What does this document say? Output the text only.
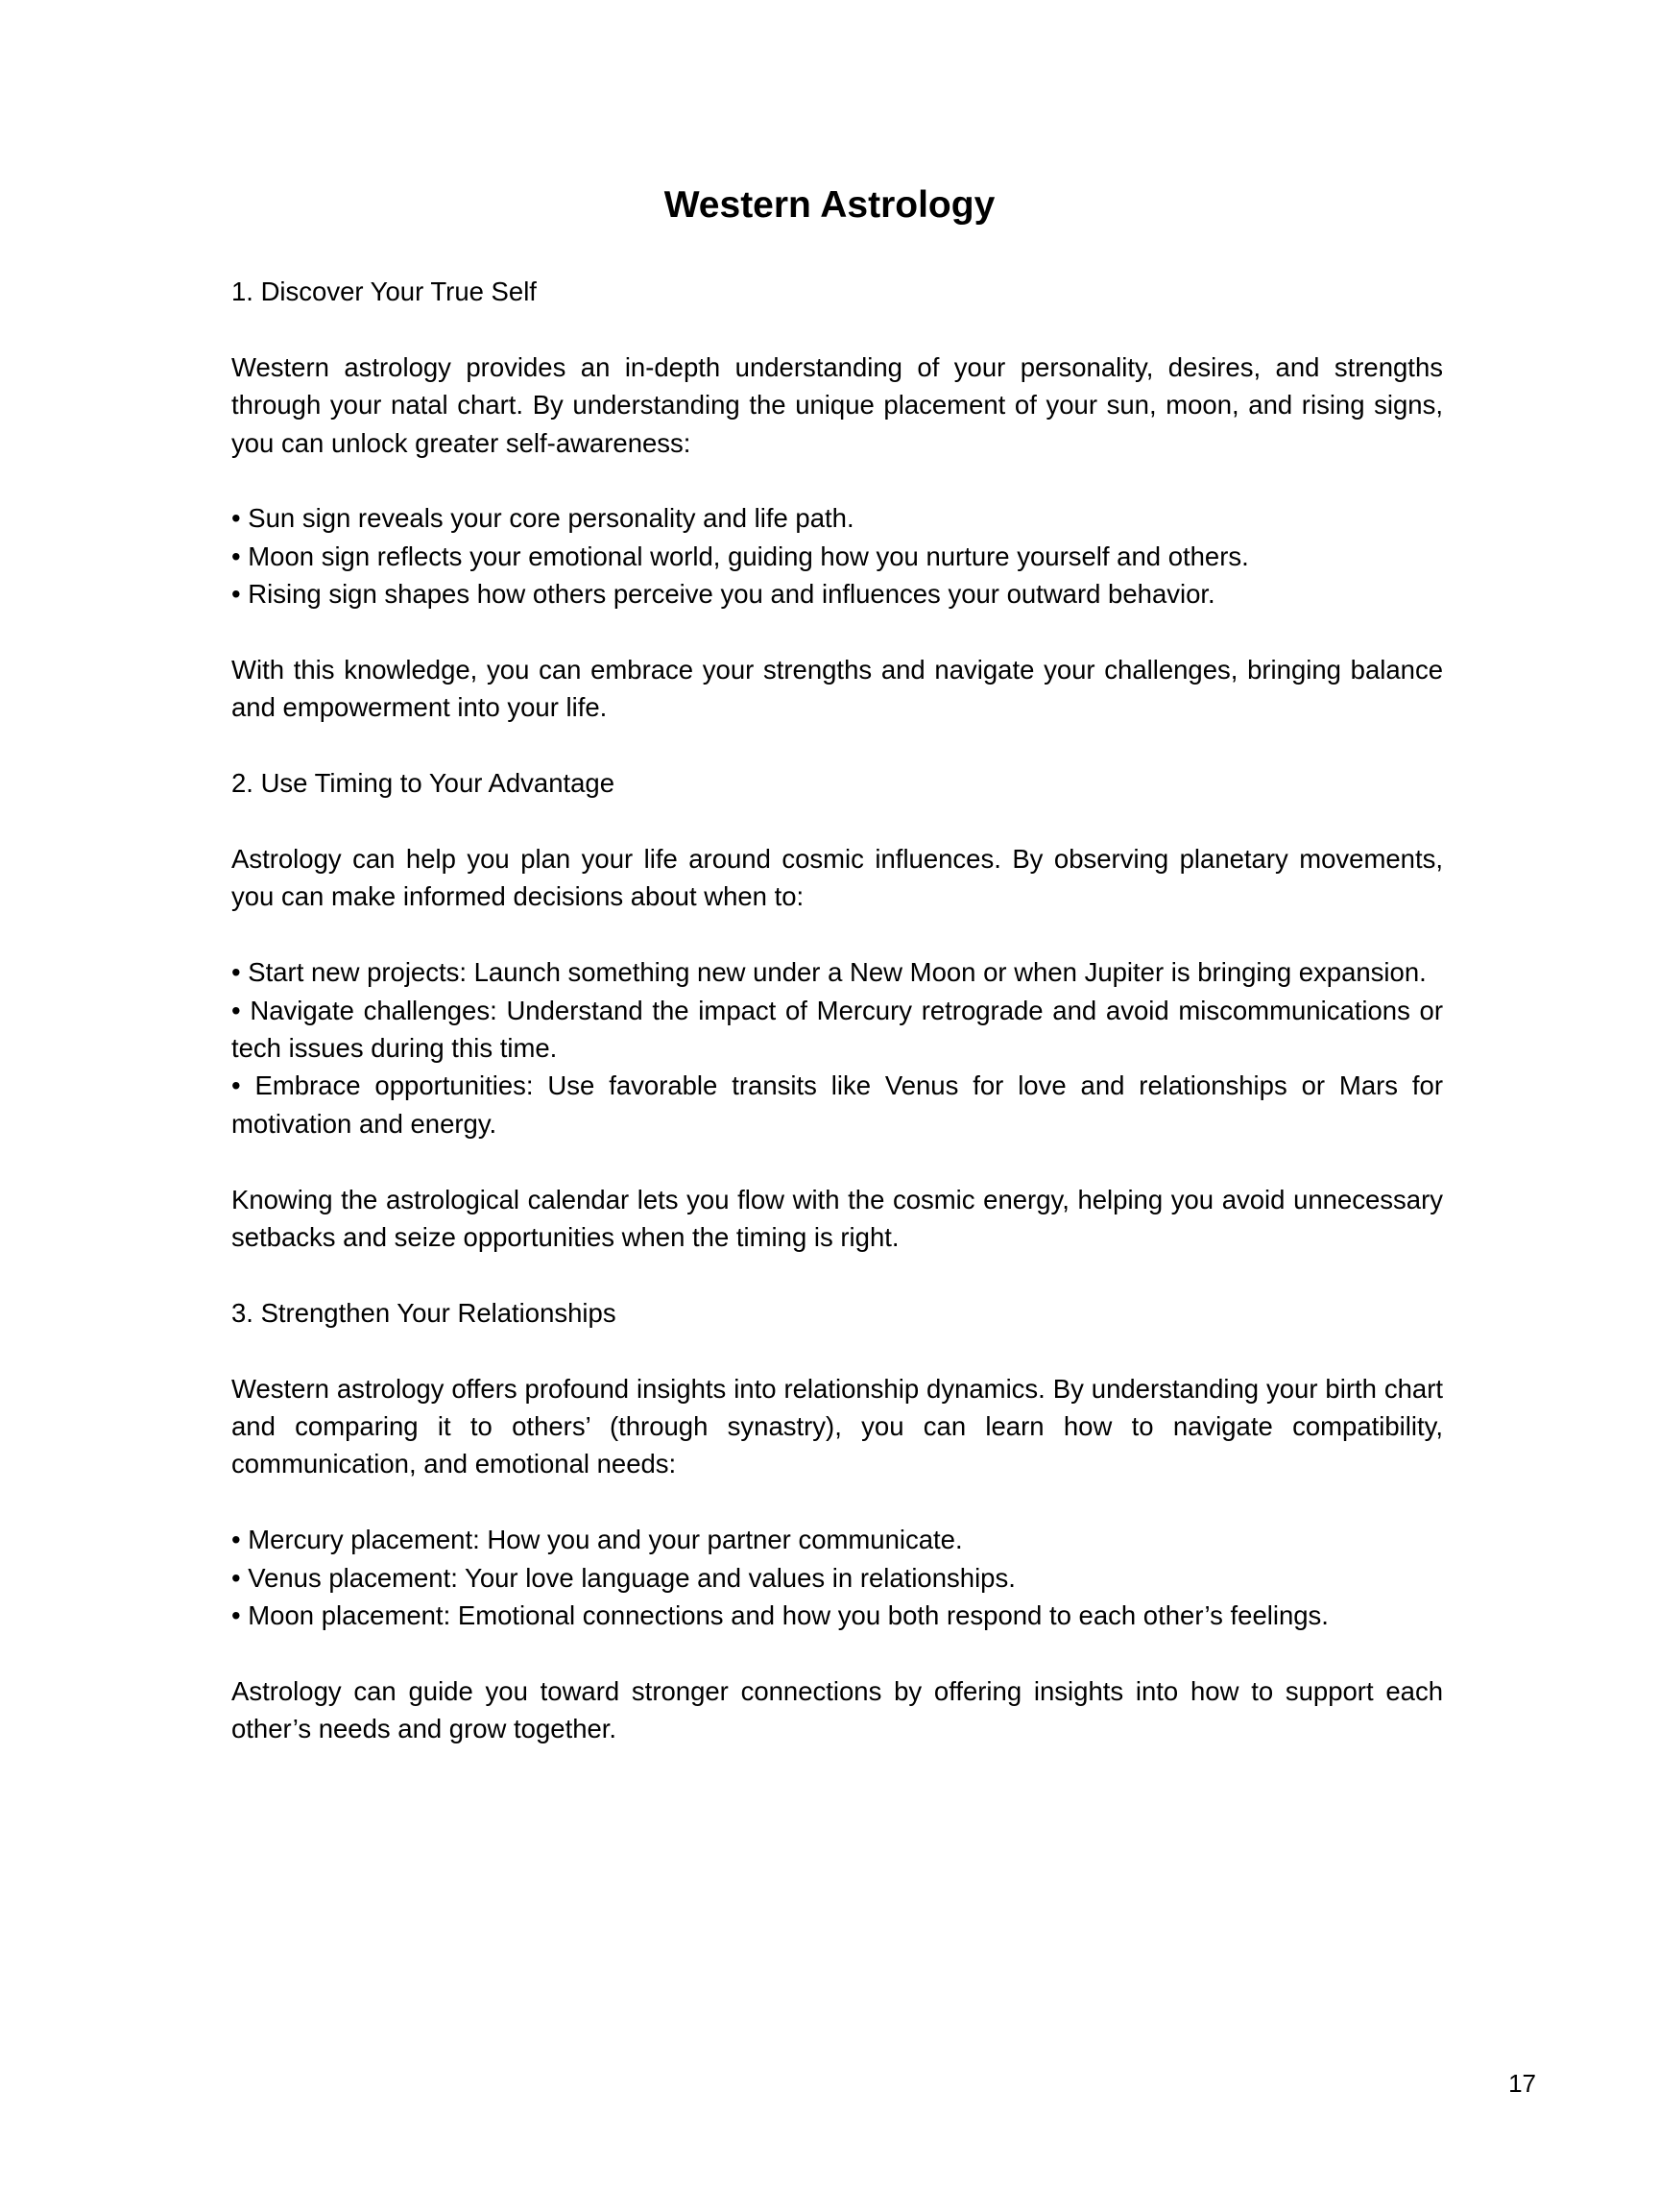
Western Astrology

1. Discover Your True Self

Western astrology provides an in-depth understanding of your personality, desires, and strengths through your natal chart. By understanding the unique placement of your sun, moon, and rising signs, you can unlock greater self-awareness:

• Sun sign reveals your core personality and life path.

• Moon sign reflects your emotional world, guiding how you nurture yourself and others.

• Rising sign shapes how others perceive you and influences your outward behavior.

With this knowledge, you can embrace your strengths and navigate your challenges, bringing balance and empowerment into your life.

2. Use Timing to Your Advantage

Astrology can help you plan your life around cosmic influences. By observing planetary movements, you can make informed decisions about when to:

• Start new projects: Launch something new under a New Moon or when Jupiter is bringing expansion.

• Navigate challenges: Understand the impact of Mercury retrograde and avoid miscommunications or tech issues during this time.

• Embrace opportunities: Use favorable transits like Venus for love and relationships or Mars for motivation and energy.

Knowing the astrological calendar lets you flow with the cosmic energy, helping you avoid unnecessary setbacks and seize opportunities when the timing is right.

3. Strengthen Your Relationships

Western astrology offers profound insights into relationship dynamics. By understanding your birth chart and comparing it to others’ (through synastry), you can learn how to navigate compatibility, communication, and emotional needs:

• Mercury placement: How you and your partner communicate.

• Venus placement: Your love language and values in relationships.

• Moon placement: Emotional connections and how you both respond to each other’s feelings.

Astrology can guide you toward stronger connections by offering insights into how to support each other’s needs and grow together.

17
